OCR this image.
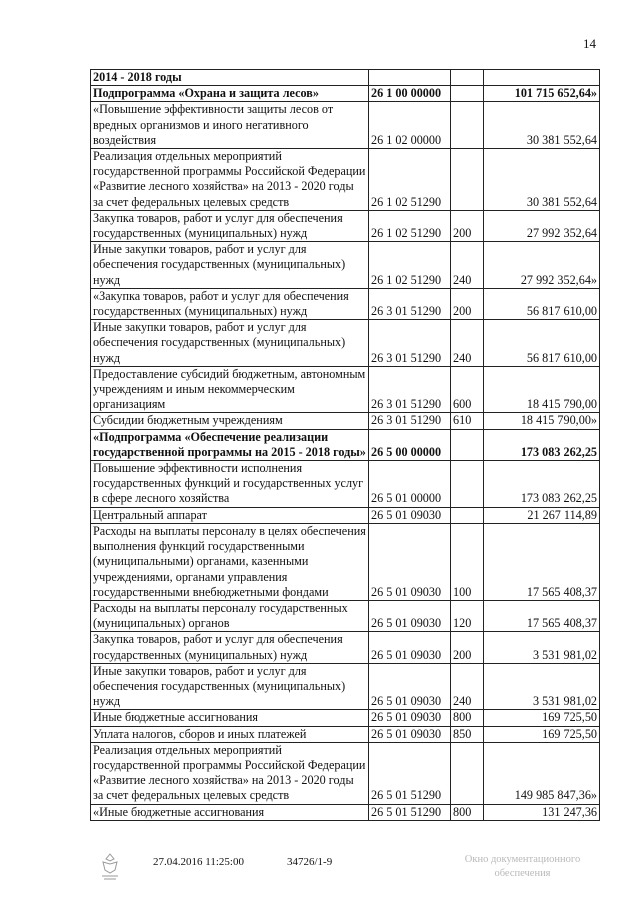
14
2014 - 2018 годы			
Подпрограмма «Охрана и защита лесов»	26 1 00 00000		101 715 652,64»
«Повышение эффективности защиты лесов от вредных организмов и иного негативного воздействия	26 1 02 00000		30 381 552,64
Реализация отдельных мероприятий государственной программы Российской Федерации «Развитие лесного хозяйства» на 2013 - 2020 годы за счет федеральных целевых средств	26 1 02 51290		30 381 552,64
Закупка товаров, работ и услуг для обеспечения государственных (муниципальных) нужд	26 1 02 51290	200	27 992 352,64
Иные закупки товаров, работ и услуг для обеспечения государственных (муниципальных) нужд	26 1 02 51290	240	27 992 352,64»
«Закупка товаров, работ и услуг для обеспечения государственных (муниципальных) нужд	26 3 01 51290	200	56 817 610,00
Иные закупки товаров, работ и услуг для обеспечения государственных (муниципальных) нужд	26 3 01 51290	240	56 817 610,00
Предоставление субсидий бюджетным, автономным учреждениям и иным некоммерческим организациям	26 3 01 51290	600	18 415 790,00
Субсидии бюджетным учреждениям	26 3 01 51290	610	18 415 790,00»
«Подпрограмма «Обеспечение реализации государственной программы на 2015 - 2018 годы»	26 5 00 00000		173 083 262,25
Повышение эффективности исполнения государственных функций и государственных услуг в сфере лесного хозяйства	26 5 01 00000		173 083 262,25
Центральный аппарат	26 5 01 09030		21 267 114,89
Расходы на выплаты персоналу в целях обеспечения выполнения функций государственными (муниципальными) органами, казенными учреждениями, органами управления государственными внебюджетными фондами	26 5 01 09030	100	17 565 408,37
Расходы на выплаты персоналу государственных (муниципальных) органов	26 5 01 09030	120	17 565 408,37
Закупка товаров, работ и услуг для обеспечения государственных (муниципальных) нужд	26 5 01 09030	200	3 531 981,02
Иные закупки товаров, работ и услуг для обеспечения государственных (муниципальных) нужд	26 5 01 09030	240	3 531 981,02
Иные бюджетные ассигнования	26 5 01 09030	800	169 725,50
Уплата налогов, сборов и иных платежей	26 5 01 09030	850	169 725,50
Реализация отдельных мероприятий государственной программы Российской Федерации «Развитие лесного хозяйства» на 2013 - 2020 годы за счет федеральных целевых средств	26 5 01 51290		149 985 847,36»
«Иные бюджетные ассигнования	26 5 01 51290	800	131 247,36
27.04.2016 11:25:00	34726/1-9	Окно документационного
обеспечения
